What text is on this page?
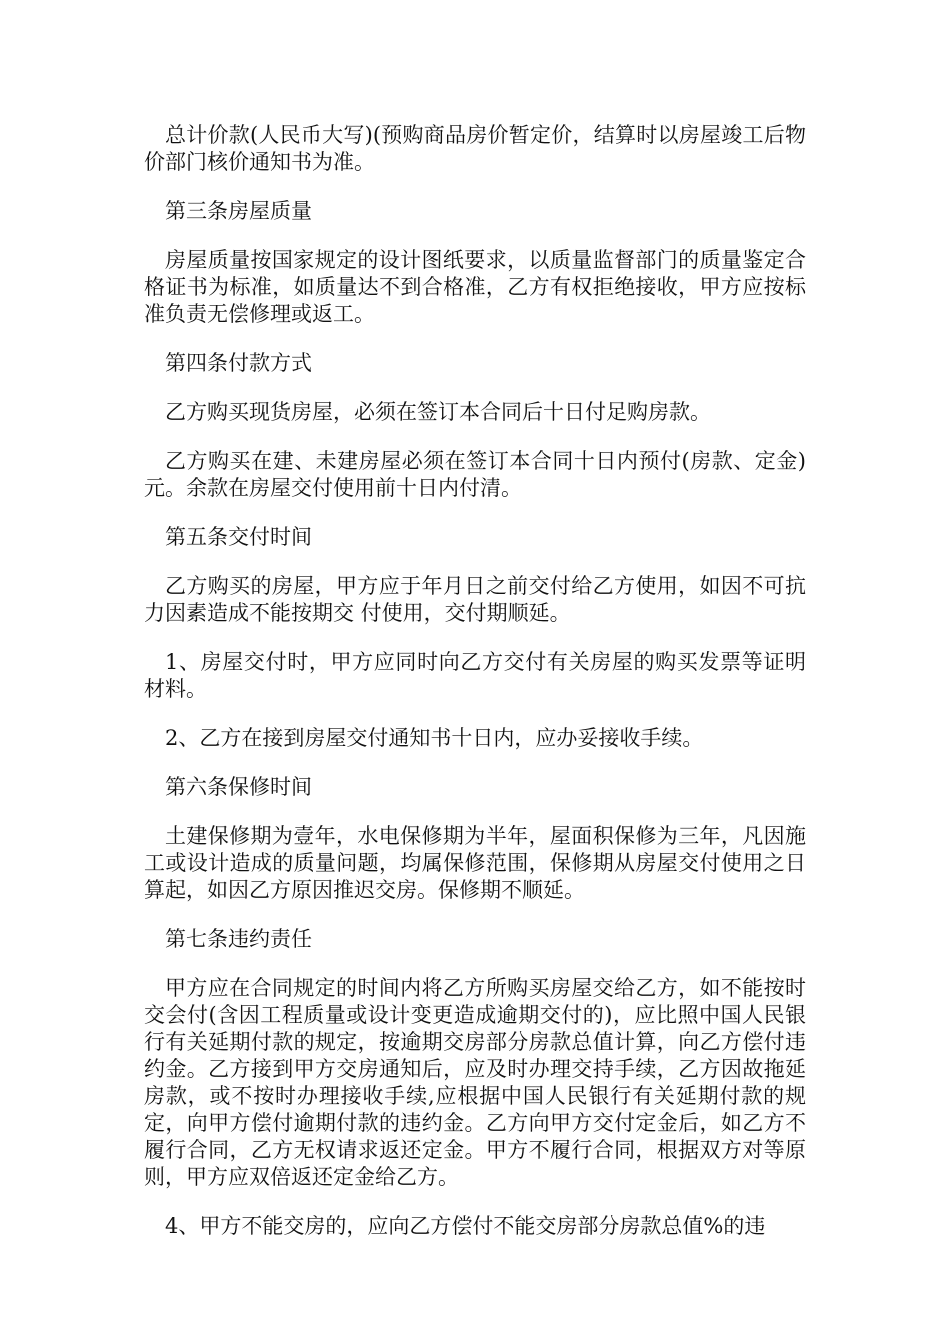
总计价款(人民币大写)(预购商品房价暂定价，结算时以房屋竣工后物价部门核价通知书为准。

第三条房屋质量

房屋质量按国家规定的设计图纸要求，以质量监督部门的质量鉴定合格证书为标准，如质量达不到合格准，乙方有权拒绝接收，甲方应按标准负责无偿修理或返工。

第四条付款方式

乙方购买现货房屋，必须在签订本合同后十日付足购房款。

乙方购买在建、未建房屋必须在签订本合同十日内预付(房款、定金)元。余款在房屋交付使用前十日内付清。

第五条交付时间

乙方购买的房屋，甲方应于年月日之前交付给乙方使用，如因不可抗力因素造成不能按期交 付使用，交付期顺延。

1、房屋交付时，甲方应同时向乙方交付有关房屋的购买发票等证明材料。

2、乙方在接到房屋交付通知书十日内，应办妥接收手续。

第六条保修时间

土建保修期为壹年，水电保修期为半年，屋面积保修为三年，凡因施工或设计造成的质量问题，均属保修范围，保修期从房屋交付使用之日算起，如因乙方原因推迟交房。保修期不顺延。

第七条违约责任

甲方应在合同规定的时间内将乙方所购买房屋交给乙方，如不能按时交会付(含因工程质量或设计变更造成逾期交付的)，应比照中国人民银行有关延期付款的规定，按逾期交房部分房款总值计算，向乙方偿付违约金。乙方接到甲方交房通知后，应及时办理交持手续，乙方因故拖延房款，或不按时办理接收手续,应根据中国人民银行有关延期付款的规定，向甲方偿付逾期付款的违约金。乙方向甲方交付定金后，如乙方不履行合同，乙方无权请求返还定金。甲方不履行合同，根据双方对等原则，甲方应双倍返还定金给乙方。

4、甲方不能交房的，应向乙方偿付不能交房部分房款总值%的违
